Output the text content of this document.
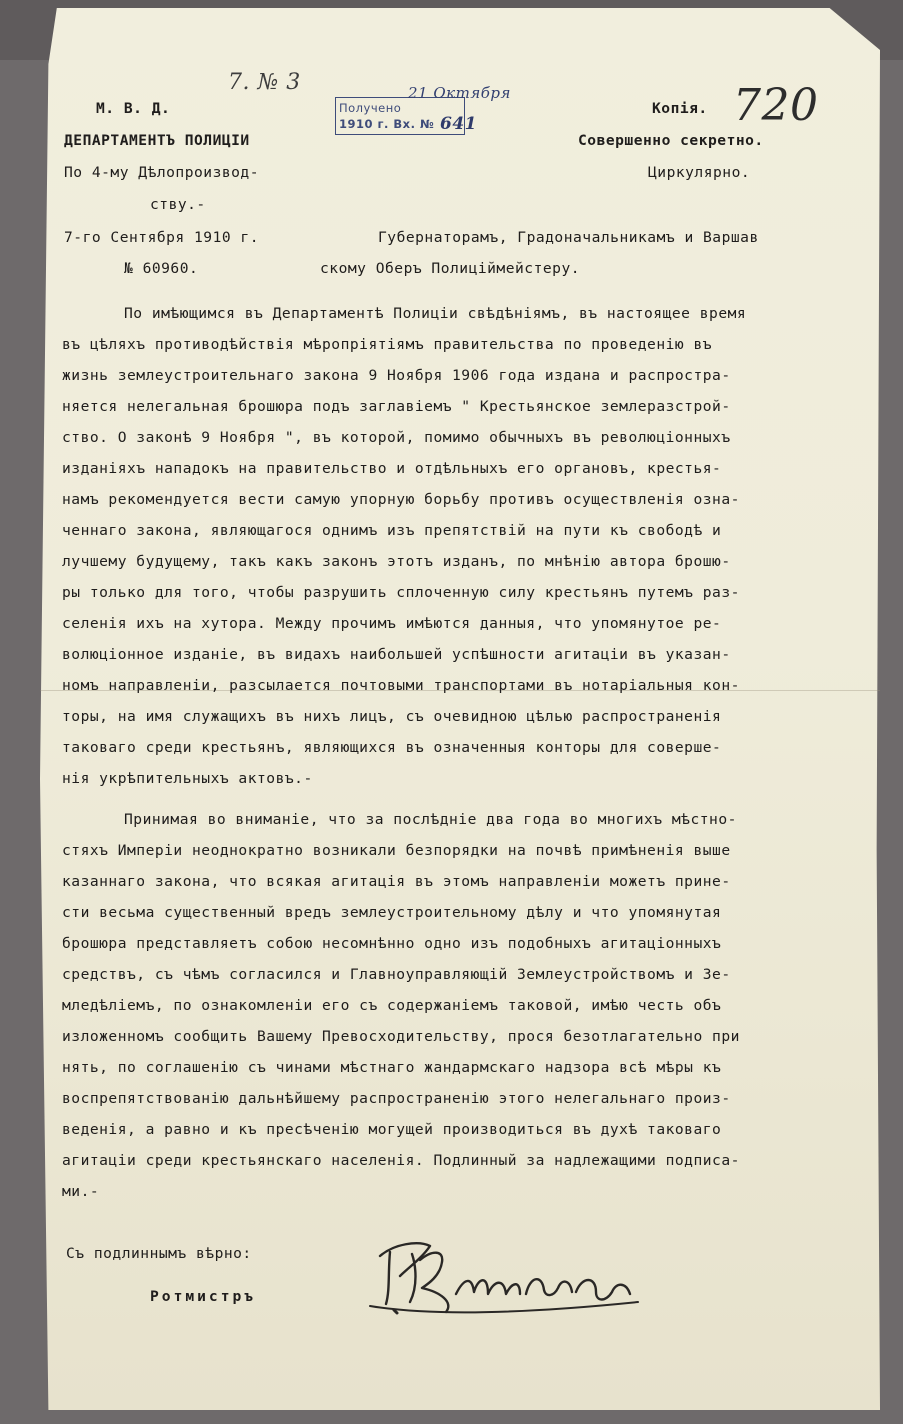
7. № 3	720
Получено
1910 г. Вх. №
21 Октября
641
М. В. Д.
ДЕПАРТАМЕНТЪ ПОЛИЦІИ
По 4-му Дѣлопроизвод-
ству.-
7-го Сентября 1910 г.
№ 60960.
Копія.
Совершенно секретно.
Циркулярно.
Губернаторамъ, Градоначальникамъ и Варшав
скому Оберъ Полицiймейстеру.
По имѣющимся въ Департаментѣ Полиціи свѣдѣніямъ, въ настоящее время
въ цѣляхъ противодѣйствія мѣропріятіямъ правительства по проведенію въ
жизнь землеустроительнаго закона 9 Ноября 1906 года издана и распростра-
няется нелегальная брошюра подъ заглавіемъ " Крестьянское землеразстрой-
ство. О законѣ 9 Ноября ", въ которой, помимо обычныхъ въ революціонныхъ
изданіяхъ нападокъ на правительство и отдѣльныхъ его органовъ, крестья-
намъ рекомендуется вести самую упорную борьбу противъ осуществленія озна-
ченнаго закона, являющагося однимъ изъ препятствій на пути къ свободѣ и
лучшему будущему, такъ какъ законъ этотъ изданъ, по мнѣнію автора брошю-
ры только для того, чтобы разрушить сплоченную силу крестьянъ путемъ раз-
селенія ихъ на хутора. Между прочимъ имѣются данныя, что упомянутое ре-
волюціонное изданіе, въ видахъ наибольшей успѣшности агитаціи въ указан-
номъ направленіи, разсылается почтовыми транспортами въ нотаріальныя кон-
торы, на имя служащихъ въ нихъ лицъ, съ очевидною цѣлью распространенія
таковаго среди крестьянъ, являющихся въ означенныя конторы для соверше-
нія укрѣпительныхъ актовъ.-
Принимая во вниманіе, что за послѣдніе два года во многихъ мѣстно-
стяхъ Имперіи неоднократно возникали безпорядки на почвѣ примѣненія выше
казаннаго закона, что всякая агитація въ этомъ направленіи можетъ прине-
сти весьма существенный вредъ землеустроительному дѣлу и что упомянутая
брошюра представляетъ собою несомнѣнно одно изъ подобныхъ агитаціонныхъ
средствъ, съ чѣмъ согласился и Главноуправляющій Землеустройствомъ и Зе-
мледѣліемъ, по ознакомленіи его съ содержаніемъ таковой, имѣю честь объ
изложенномъ сообщить Вашему Превосходительству, прося безотлагательно при
нять, по соглашенію съ чинами мѣстнаго жандармскаго надзора всѣ мѣры къ
воспрепятствованію дальнѣйшему распространенію этого нелегальнаго произ-
веденія, а равно и къ пресѣченію могущей производиться въ духѣ таковаго
агитаціи среди крестьянскаго населенія. Подлинный за надлежащими подписа-
ми.-
Съ подлиннымъ вѣрно:
Ротмистръ
